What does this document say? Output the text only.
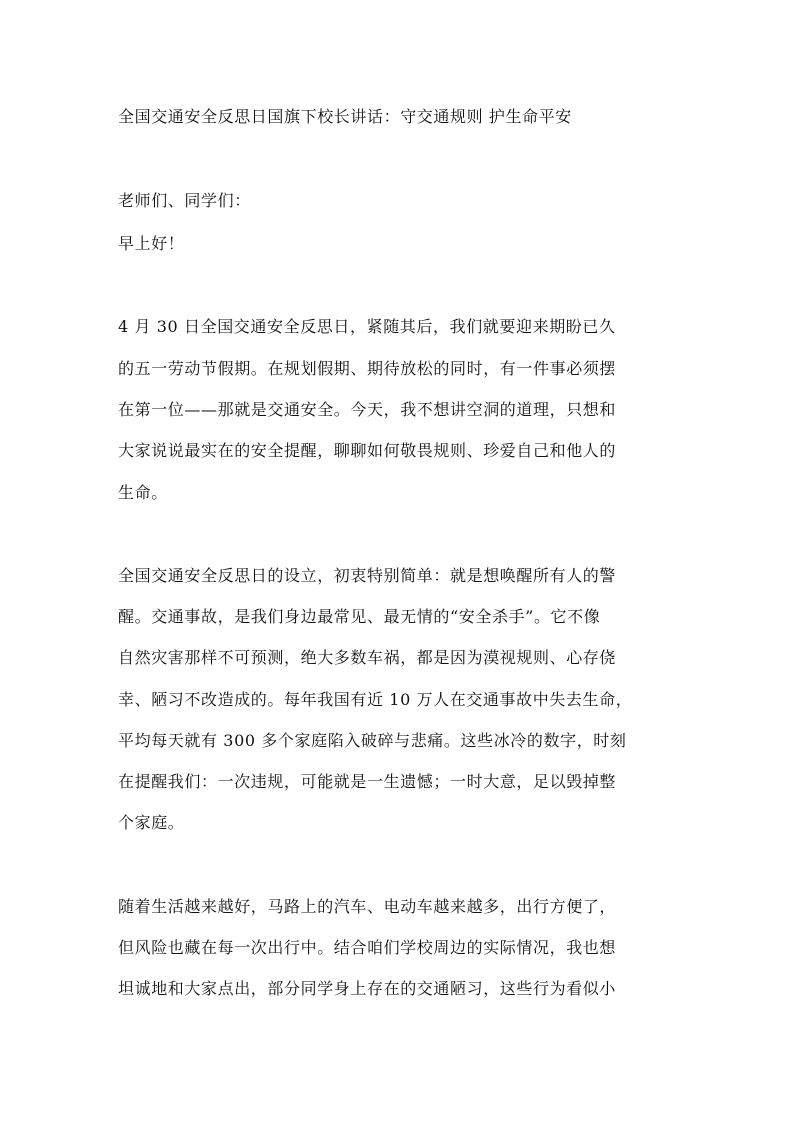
全国交通安全反思日国旗下校长讲话：守交通规则 护生命平安
老师们、同学们：
早上好！
4 月 30 日全国交通安全反思日，紧随其后，我们就要迎来期盼已久
的五一劳动节假期。在规划假期、期待放松的同时，有一件事必须摆
在第一位——那就是交通安全。今天，我不想讲空洞的道理，只想和
大家说说最实在的安全提醒，聊聊如何敬畏规则、珍爱自己和他人的
生命。
全国交通安全反思日的设立，初衷特别简单：就是想唤醒所有人的警
醒。交通事故，是我们身边最常见、最无情的“安全杀手”。它不像
自然灾害那样不可预测，绝大多数车祸，都是因为漠视规则、心存侥
幸、陋习不改造成的。每年我国有近 10 万人在交通事故中失去生命，
平均每天就有 300 多个家庭陷入破碎与悲痛。这些冰冷的数字，时刻
在提醒我们：一次违规，可能就是一生遗憾；一时大意，足以毁掉整
个家庭。
随着生活越来越好，马路上的汽车、电动车越来越多，出行方便了，
但风险也藏在每一次出行中。结合咱们学校周边的实际情况，我也想
坦诚地和大家点出，部分同学身上存在的交通陋习，这些行为看似小
